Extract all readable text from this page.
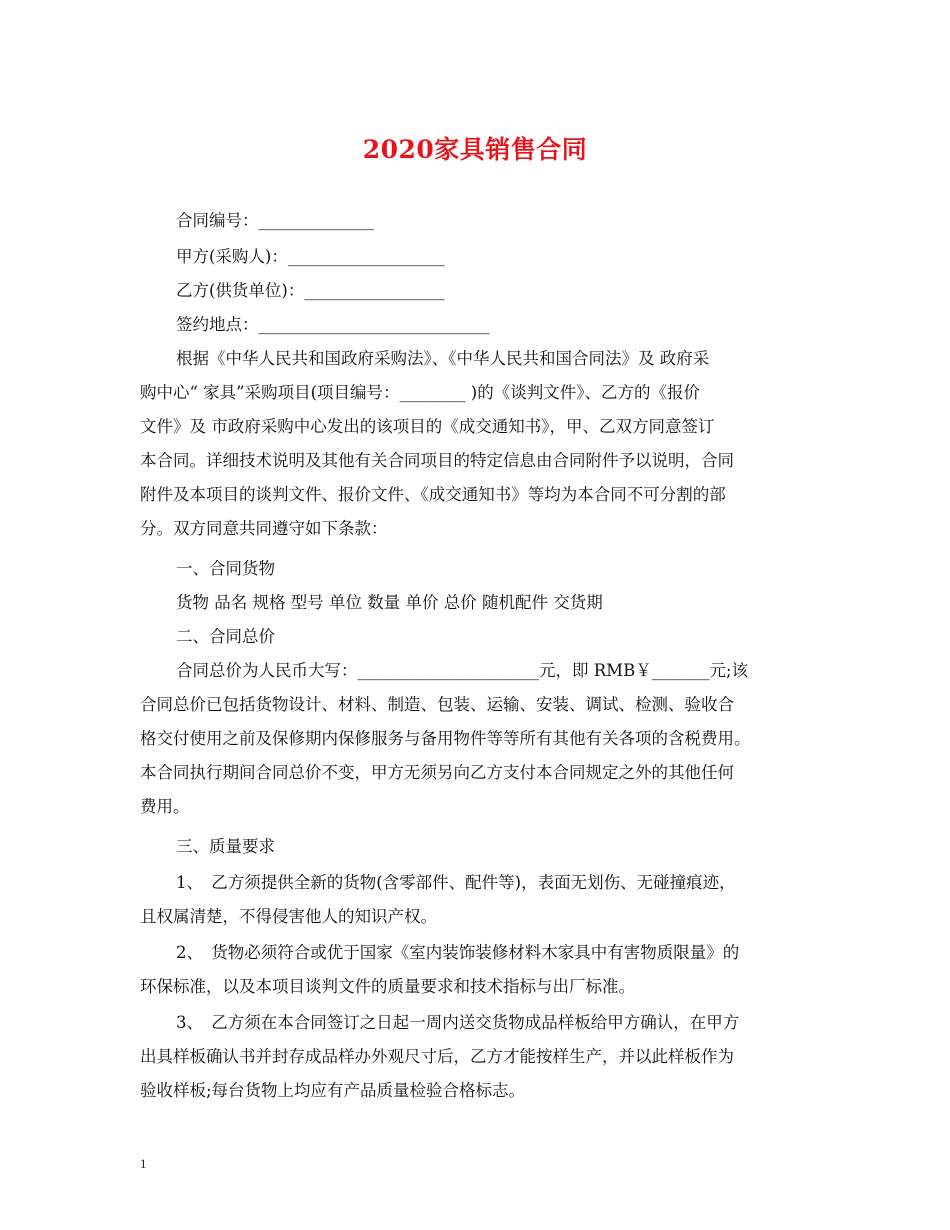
2020家具销售合同
合同编号：______________
甲方(采购人)：___________________
乙方(供货单位)：_________________
签约地点：____________________________
根据《中华人民共和国政府采购法》、《中华人民共和国合同法》及 政府采
购中心“ 家具”采购项目(项目编号：________ )的《谈判文件》、乙方的《报价
文件》及 市政府采购中心发出的该项目的《成交通知书》，甲、乙双方同意签订
本合同。详细技术说明及其他有关合同项目的特定信息由合同附件予以说明，合同
附件及本项目的谈判文件、报价文件、《成交通知书》等均为本合同不可分割的部
分。双方同意共同遵守如下条款：
一、合同货物
货物 品名 规格 型号 单位 数量 单价 总价 随机配件 交货期
二、合同总价
合同总价为人民币大写：______________________元，即 RMB￥_______元;该
合同总价已包括货物设计、材料、制造、包装、运输、安装、调试、检测、验收合
格交付使用之前及保修期内保修服务与备用物件等等所有其他有关各项的含税费用。
本合同执行期间合同总价不变，甲方无须另向乙方支付本合同规定之外的其他任何
费用。
三、质量要求
1、　乙方须提供全新的货物(含零部件、配件等)，表面无划伤、无碰撞痕迹，
且权属清楚，不得侵害他人的知识产权。
2、　货物必须符合或优于国家《室内装饰装修材料木家具中有害物质限量》的
环保标准，以及本项目谈判文件的质量要求和技术指标与出厂标准。
3、　乙方须在本合同签订之日起一周内送交货物成品样板给甲方确认，在甲方
出具样板确认书并封存成品样办外观尺寸后，乙方才能按样生产，并以此样板作为
验收样板;每台货物上均应有产品质量检验合格标志。
1
